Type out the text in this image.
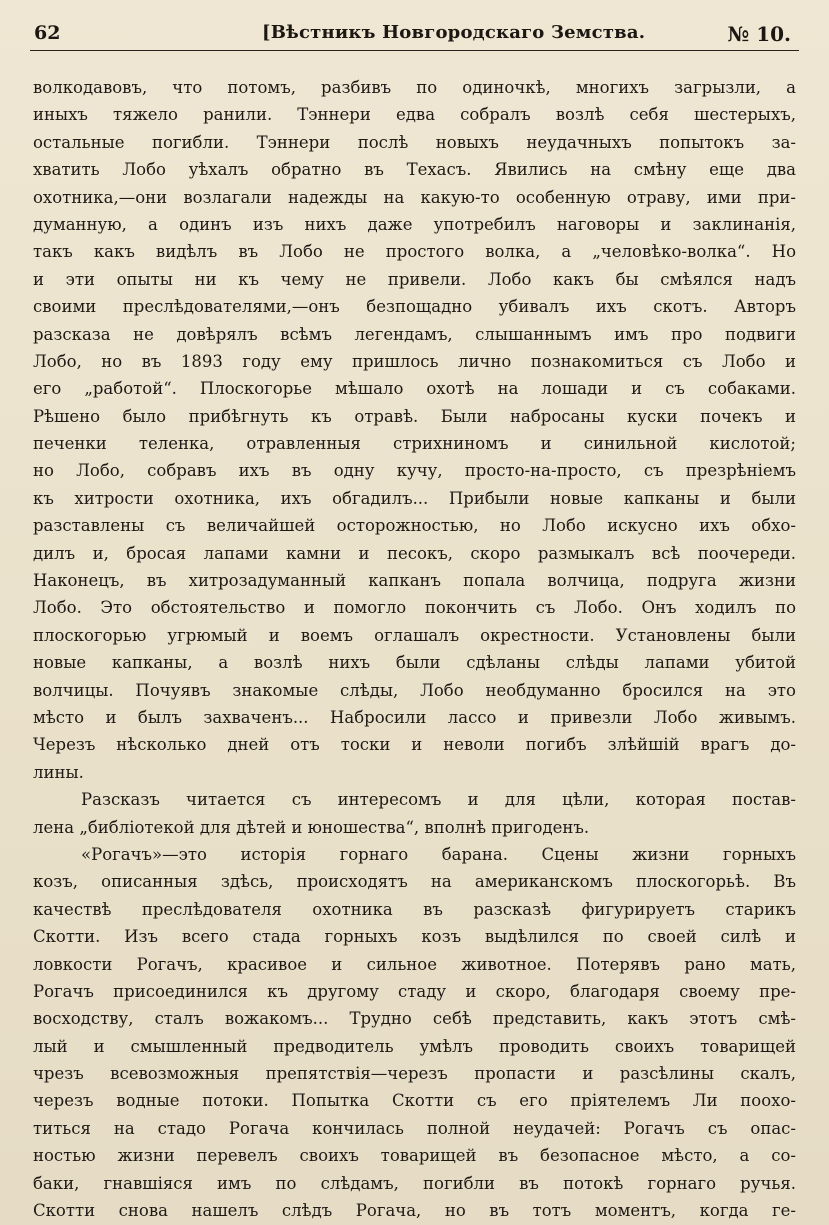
62	[Вѣстникъ Новгородскаго Земства.	№ 10.
волкодавовъ, что потомъ, разбивъ по одиночкѣ, многихъ загрызли, а
иныхъ тяжело ранили. Тэннери едва собралъ возлѣ себя шестерыхъ,
остальные погибли. Тэннери послѣ новыхъ неудачныхъ попытокъ за-
хватить Лобо уѣхалъ обратно въ Техасъ. Явились на смѣну еще два
охотника,—они возлагали надежды на какую-то особенную отраву, ими при-
думанную, а одинъ изъ нихъ даже употребилъ наговоры и заклинанія,
такъ какъ видѣлъ въ Лобо не простого волка, а „человѣко-волка“. Но
и эти опыты ни къ чему не привели. Лобо какъ бы смѣялся надъ
своими преслѣдователями,—онъ безпощадно убивалъ ихъ скотъ. Авторъ
разсказа не довѣрялъ всѣмъ легендамъ, слышаннымъ имъ про подвиги
Лобо, но въ 1893 году ему пришлось лично познакомиться съ Лобо и
его „работой“. Плоскогорье мѣшало охотѣ на лошади и съ собаками.
Рѣшено было прибѣгнуть къ отравѣ. Были набросаны куски почекъ и
печенки теленка, отравленныя стрихниномъ и синильной кислотой;
но Лобо, собравъ ихъ въ одну кучу, просто-на-просто, съ презрѣніемъ
къ хитрости охотника, ихъ обгадилъ... Прибыли новые капканы и были
разставлены съ величайшей осторожностью, но Лобо искусно ихъ обхо-
дилъ и, бросая лапами камни и песокъ, скоро размыкалъ всѣ поочереди.
Наконецъ, въ хитрозадуманный капканъ попала волчица, подруга жизни
Лобо. Это обстоятельство и помогло покончить съ Лобо. Онъ ходилъ по
плоскогорью угрюмый и воемъ оглашалъ окрестности. Установлены были
новые капканы, а возлѣ нихъ были сдѣланы слѣды лапами убитой
волчицы. Почуявъ знакомые слѣды, Лобо необдуманно бросился на это
мѣсто и былъ захваченъ... Набросили лассо и привезли Лобо живымъ.
Черезъ нѣсколько дней отъ тоски и неволи погибъ злѣйшій врагъ до-
лины.
Разсказъ читается съ интересомъ и для цѣли, которая постав-
лена „библіотекой для дѣтей и юношества“, вполнѣ пригоденъ.
«Рогачъ»—это исторія горнаго барана. Сцены жизни горныхъ
козъ, описанныя здѣсь, происходятъ на американскомъ плоскогорьѣ. Въ
качествѣ преслѣдователя охотника въ разсказѣ фигурируетъ старикъ
Скотти. Изъ всего стада горныхъ козъ выдѣлился по своей силѣ и
ловкости Рогачъ, красивое и сильное животное. Потерявъ рано мать,
Рогачъ присоединился къ другому стаду и скоро, благодаря своему пре-
восходству, сталъ вожакомъ... Трудно себѣ представить, какъ этотъ смѣ-
лый и смышленный предводитель умѣлъ проводить своихъ товарищей
чрезъ всевозможныя препятствія—черезъ пропасти и разсѣлины скалъ,
черезъ водные потоки. Попытка Скотти съ его пріятелемъ Ли поохо-
титься на стадо Рогача кончилась полной неудачей: Рогачъ съ опас-
ностью жизни перевелъ своихъ товарищей въ безопасное мѣсто, а со-
баки, гнавшіяся имъ по слѣдамъ, погибли въ потокѣ горнаго ручья.
Скотти снова нашелъ слѣдъ Рогача, но въ тотъ моментъ, когда ге-
